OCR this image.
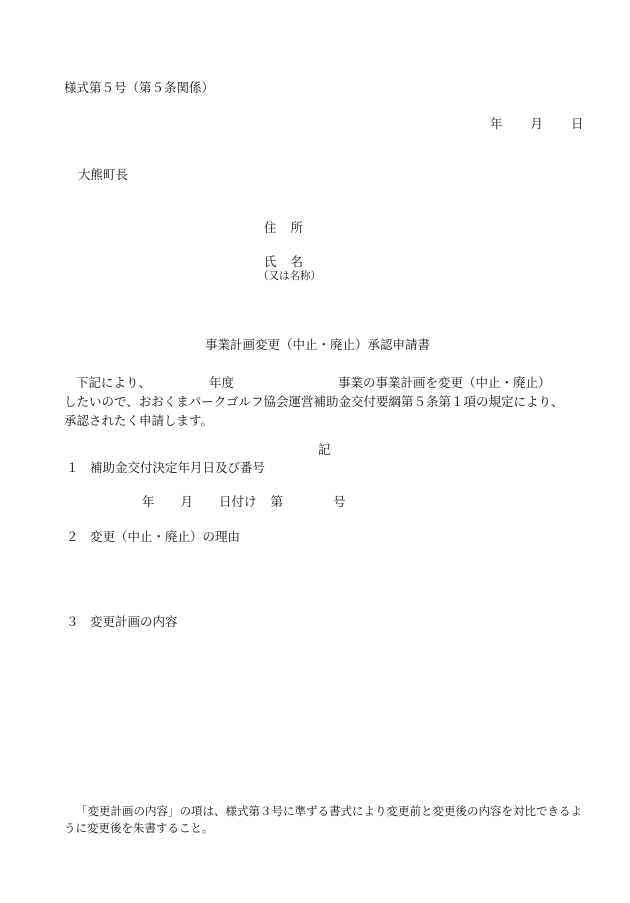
様式第５号（第５条関係）
年 月 日
大熊町長
住所
氏名
（又は名称）
事業計画変更（中止・廃止）承認申請書
下記により、	年度	事業の事業計画を変更（中止・廃止）
したいので、おおくまパークゴルフ協会運営補助金交付要綱第５条第１項の規定により、
承認されたく申請します。
記
１ 補助金交付決定年月日及び番号
年 月 日付け 第	号
２ 変更（中止・廃止）の理由
３ 変更計画の内容
「変更計画の内容」の項は、様式第３号に準ずる書式により変更前と変更後の内容を対比できるよ
うに変更後を朱書すること。
